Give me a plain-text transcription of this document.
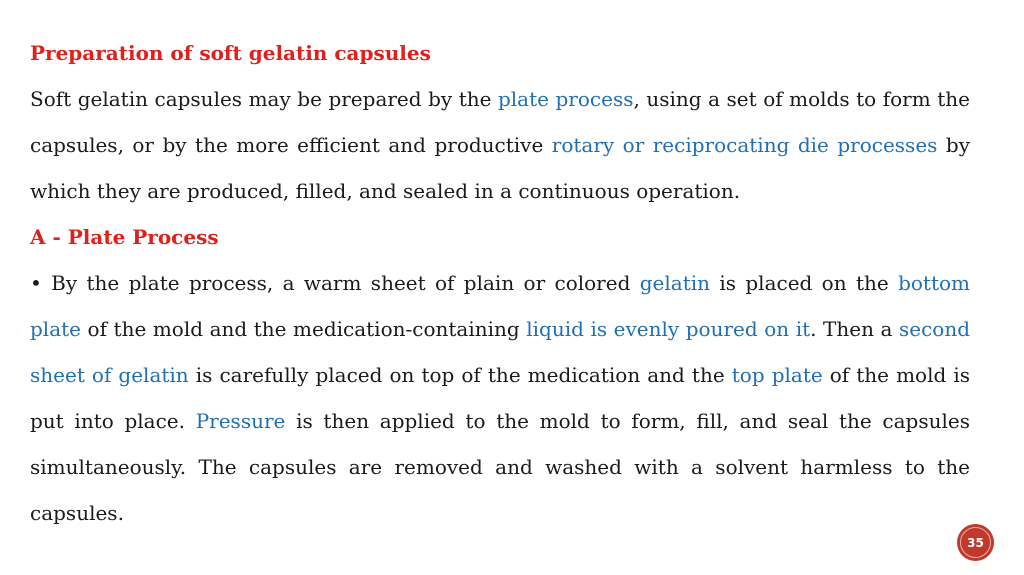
Preparation of soft gelatin capsules

Soft gelatin capsules may be prepared by the plate process, using a set of molds to form the capsules, or by the more efficient and productive rotary or reciprocating die processes by which they are produced, filled, and sealed in a continuous operation.

A - Plate Process

• By the plate process, a warm sheet of plain or colored gelatin is placed on the bottom plate of the mold and the medication-containing liquid is evenly poured on it. Then a second sheet of gelatin is carefully placed on top of the medication and the top plate of the mold is put into place. Pressure is then applied to the mold to form, fill, and seal the capsules simultaneously. The capsules are removed and washed with a solvent harmless to the capsules.

35
